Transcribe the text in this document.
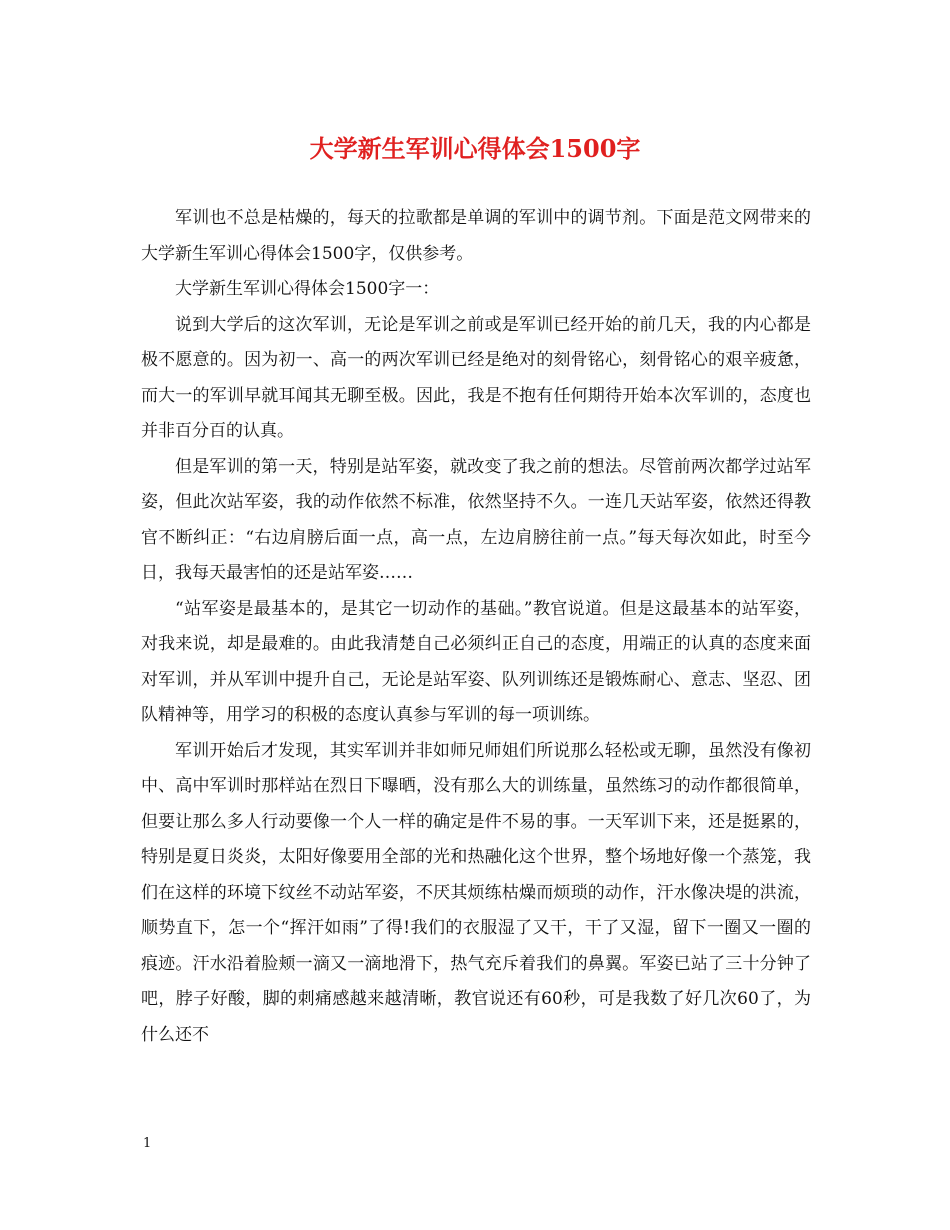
大学新生军训心得体会1500字

军训也不总是枯燥的，每天的拉歌都是单调的军训中的调节剂。下面是范文网带来的大学新生军训心得体会1500字，仅供参考。

大学新生军训心得体会1500字一：

说到大学后的这次军训，无论是军训之前或是军训已经开始的前几天，我的内心都是极不愿意的。因为初一、高一的两次军训已经是绝对的刻骨铭心，刻骨铭心的艰辛疲惫，而大一的军训早就耳闻其无聊至极。因此，我是不抱有任何期待开始本次军训的，态度也并非百分百的认真。

但是军训的第一天，特别是站军姿，就改变了我之前的想法。尽管前两次都学过站军姿，但此次站军姿，我的动作依然不标准，依然坚持不久。一连几天站军姿，依然还得教官不断纠正：“右边肩膀后面一点，高一点，左边肩膀往前一点。”每天每次如此，时至今日，我每天最害怕的还是站军姿……

“站军姿是最基本的，是其它一切动作的基础。”教官说道。但是这最基本的站军姿，对我来说，却是最难的。由此我清楚自己必须纠正自己的态度，用端正的认真的态度来面对军训，并从军训中提升自己，无论是站军姿、队列训练还是锻炼耐心、意志、坚忍、团队精神等，用学习的积极的态度认真参与军训的每一项训练。

军训开始后才发现，其实军训并非如师兄师姐们所说那么轻松或无聊，虽然没有像初中、高中军训时那样站在烈日下曝晒，没有那么大的训练量，虽然练习的动作都很简单，但要让那么多人行动要像一个人一样的确定是件不易的事。一天军训下来，还是挺累的，特别是夏日炎炎，太阳好像要用全部的光和热融化这个世界，整个场地好像一个蒸笼，我们在这样的环境下纹丝不动站军姿，不厌其烦练枯燥而烦琐的动作，汗水像决堤的洪流，顺势直下，怎一个“挥汗如雨”了得!我们的衣服湿了又干，干了又湿，留下一圈又一圈的痕迹。汗水沿着脸颊一滴又一滴地滑下，热气充斥着我们的鼻翼。军姿已站了三十分钟了吧，脖子好酸，脚的刺痛感越来越清晰，教官说还有60秒，可是我数了好几次60了，为什么还不

1
